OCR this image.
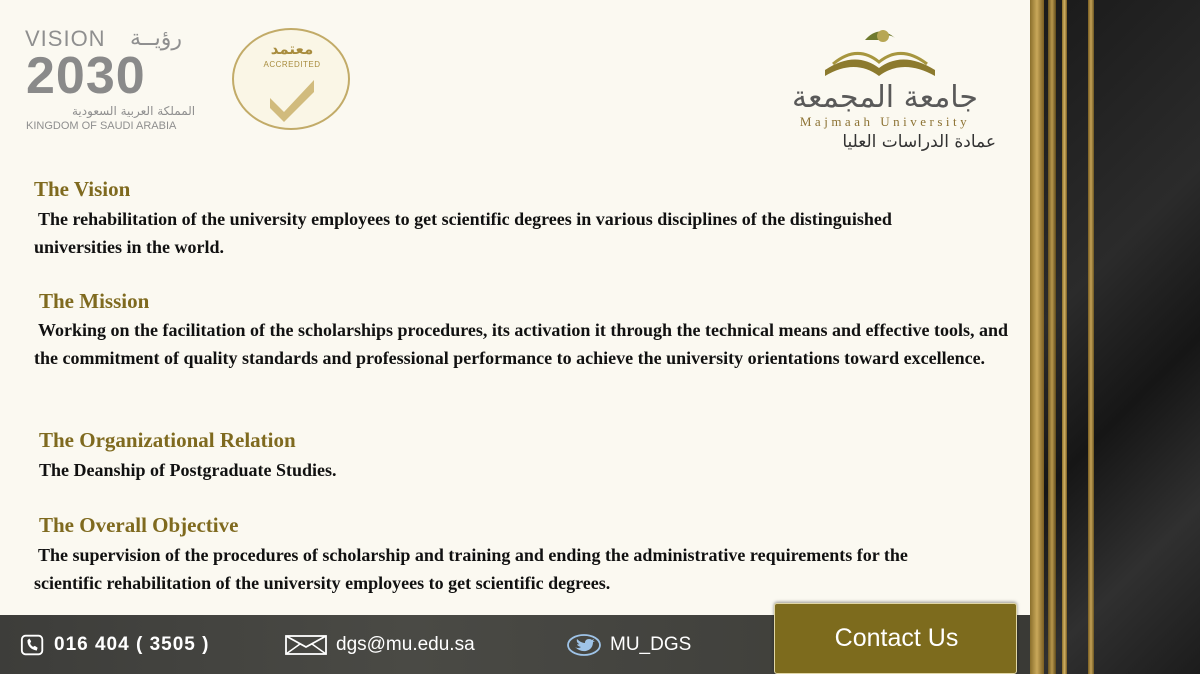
VISION رؤيــة
2030
المملكة العربية السعودية
KINGDOM OF SAUDI ARABIA
معتمد
ACCREDITED
جامعة المجمعة
Majmaah University
عمادة الدراسات العليا
The Vision
The rehabilitation of the university employees to get scientific degrees in various disciplines of the distinguished universities in the world.
The Mission
Working on the facilitation of the scholarships procedures, its activation it through the technical means and effective tools, and the commitment of quality standards and professional performance to achieve the university orientations toward excellence.
The Organizational Relation
The Deanship of Postgraduate Studies.
The Overall Objective
The supervision of the procedures of scholarship and training and ending the administrative requirements for the scientific rehabilitation of the university employees to get scientific degrees.
016 404 ( 3505 )	dgs@mu.edu.sa	MU_DGS	Contact Us
